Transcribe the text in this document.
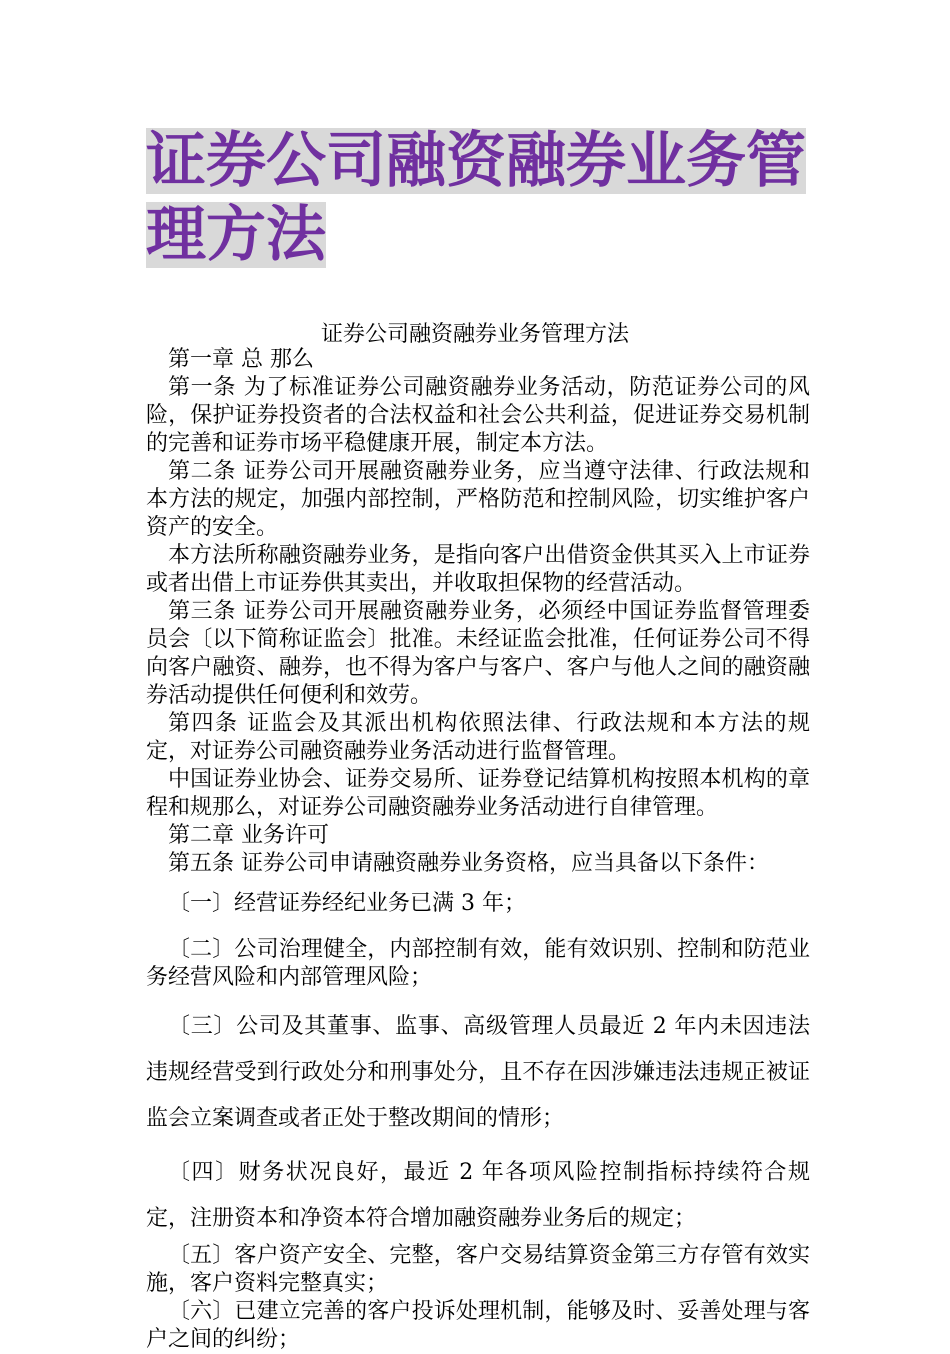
证券公司融资融券业务管
理方法

证券公司融资融券业务管理方法

第一章 总 那么

第一条 为了标准证券公司融资融券业务活动，防范证券公司的风险，保护证券投资者的合法权益和社会公共利益，促进证券交易机制的完善和证券市场平稳健康开展，制定本方法。

第二条 证券公司开展融资融券业务，应当遵守法律、行政法规和本方法的规定，加强内部控制，严格防范和控制风险，切实维护客户资产的安全。

本方法所称融资融券业务，是指向客户出借资金供其买入上市证券或者出借上市证券供其卖出，并收取担保物的经营活动。

第三条 证券公司开展融资融券业务，必须经中国证券监督管理委员会〔以下简称证监会〕批准。未经证监会批准，任何证券公司不得向客户融资、融券，也不得为客户与客户、客户与他人之间的融资融券活动提供任何便利和效劳。

第四条 证监会及其派出机构依照法律、行政法规和本方法的规定，对证券公司融资融券业务活动进行监督管理。

中国证券业协会、证券交易所、证券登记结算机构按照本机构的章程和规那么，对证券公司融资融券业务活动进行自律管理。

第二章 业务许可

第五条 证券公司申请融资融券业务资格，应当具备以下条件：

〔一〕经营证券经纪业务已满 3 年；

〔二〕公司治理健全，内部控制有效，能有效识别、控制和防范业务经营风险和内部管理风险；

〔三〕公司及其董事、监事、高级管理人员最近 2 年内未因违法违规经营受到行政处分和刑事处分，且不存在因涉嫌违法违规正被证监会立案调查或者正处于整改期间的情形；

〔四〕财务状况良好，最近 2 年各项风险控制指标持续符合规定，注册资本和净资本符合增加融资融券业务后的规定；

〔五〕客户资产安全、完整，客户交易结算资金第三方存管有效实施，客户资料完整真实；

〔六〕已建立完善的客户投诉处理机制，能够及时、妥善处理与客户之间的纠纷；
